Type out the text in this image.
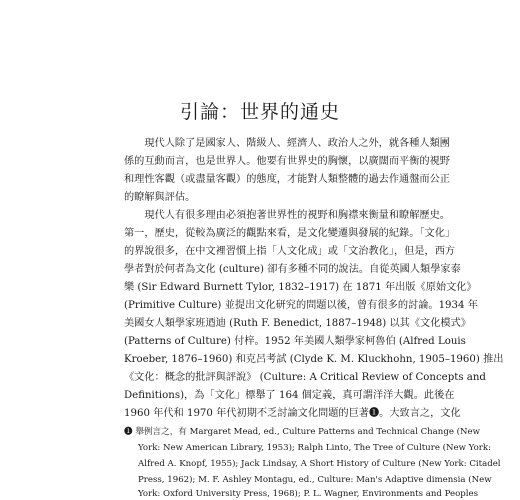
引論：世界的通史
　　現代人除了是國家人、階級人、經濟人、政治人之外，就各種人類團
係的互動而言，也是世界人。他要有世界史的胸懷，以廣闊而平衡的視野
和理性客觀（或盡量客觀）的態度，才能對人類整體的過去作通盤而公正
的瞭解與評估。
　　現代人有很多理由必須抱著世界性的視野和胸襟來衡量和瞭解歷史。
第一，歷史，從較為廣泛的觀點來看，是文化變遷與發展的紀錄。「文化」
的界說很多，在中文裡習慣上指「人文化成」或「文治教化」，但是，西方
學者對於何者為文化 (culture) 卻有多種不同的說法。自從英國人類學家泰
樂 (Sir Edward Burnett Tylor, 1832–1917) 在 1871 年出版《原始文化》
(Primitive Culture) 並提出文化研究的問題以後，曾有很多的討論。1934 年
美國女人類學家班迺迪 (Ruth F. Benedict, 1887–1948) 以其《文化模式》
(Patterns of Culture) 付梓。1952 年美國人類學家柯魯伯 (Alfred Louis
Kroeber, 1876–1960) 和克呂考試 (Clyde K. M. Kluckhohn, 1905–1960) 推出
《文化：概念的批評與評說》 (Culture: A Critical Review of Concepts and
Definitions)，為「文化」標舉了 164 個定義，真可謂洋洋大觀。此後在
1960 年代和 1970 年代初期不乏討論文化問題的巨著❶。大致言之，文化
❶ 舉例言之，有 Margaret Mead, ed., Culture Patterns and Technical Change (New
York: New American Library, 1953); Ralph Linto, The Tree of Culture (New York:
Alfred A. Knopf, 1955); Jack Lindsay, A Short History of Culture (New York: Citadel
Press, 1962); M. F. Ashley Montagu, ed., Culture: Man's Adaptive dimensia (New
York: Oxford University Press, 1968); P. L. Wagner, Environments and Peoples
